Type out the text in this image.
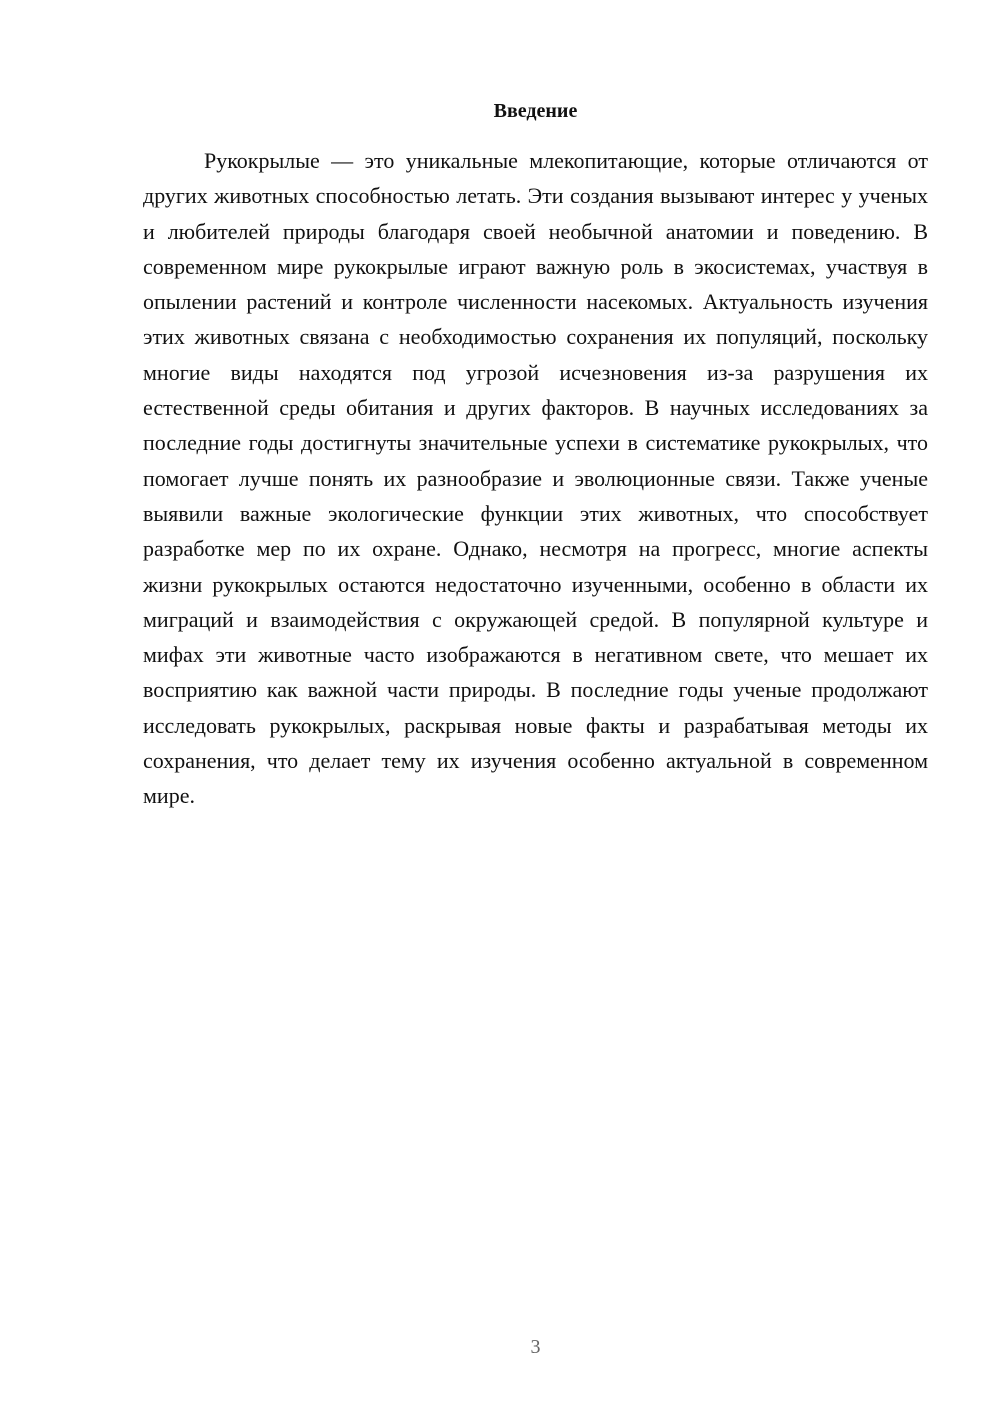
Введение

Рукокрылые — это уникальные млекопитающие, которые отличаются от других животных способностью летать. Эти создания вызывают интерес у ученых и любителей природы благодаря своей необычной анатомии и поведению. В современном мире рукокрылые играют важную роль в экосистемах, участвуя в опылении растений и контроле численности насекомых. Актуальность изучения этих животных связана с необходимостью сохранения их популяций, поскольку многие виды находятся под угрозой исчезновения из-за разрушения их естественной среды обитания и других факторов. В научных исследованиях за последние годы достигнуты значительные успехи в систематике рукокрылых, что помогает лучше понять их разнообразие и эволюционные связи. Также ученые выявили важные экологические функции этих животных, что способствует разработке мер по их охране. Однако, несмотря на прогресс, многие аспекты жизни рукокрылых остаются недостаточно изученными, особенно в области их миграций и взаимодействия с окружающей средой. В популярной культуре и мифах эти животные часто изображаются в негативном свете, что мешает их восприятию как важной части природы. В последние годы ученые продолжают исследовать рукокрылых, раскрывая новые факты и разрабатывая методы их сохранения, что делает тему их изучения особенно актуальной в современном мире.

3
